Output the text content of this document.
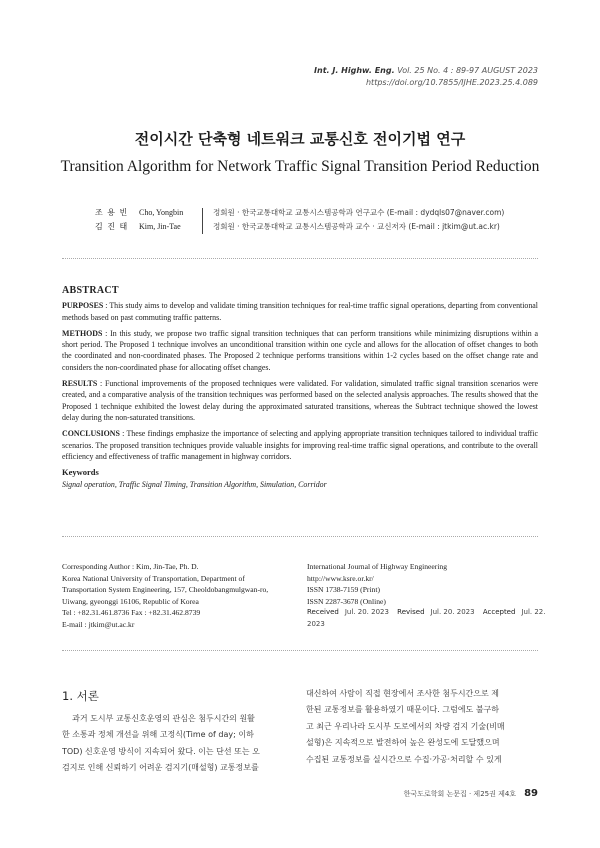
Int. J. Highw. Eng. Vol. 25 No. 4 : 89-97 AUGUST 2023
https://doi.org/10.7855/IJHE.2023.25.4.089
전이시간 단축형 네트워크 교통신호 전이기법 연구
Transition Algorithm for Network Traffic Signal Transition Period Reduction
조 용 빈	Cho, Yongbin	정회원 · 한국교통대학교 교통시스템공학과 연구교수 (E-mail : dydqls07@naver.com)
김 진 태	Kim, Jin-Tae	정회원 · 한국교통대학교 교통시스템공학과 교수 · 교신저자 (E-mail : jtkim@ut.ac.kr)
ABSTRACT

PURPOSES : This study aims to develop and validate timing transition techniques for real-time traffic signal operations, departing from conventional methods based on past commuting traffic patterns.

METHODS : In this study, we propose two traffic signal transition techniques that can perform transitions while minimizing disruptions within a short period. The Proposed 1 technique involves an unconditional transition within one cycle and allows for the allocation of offset changes to both the coordinated and non-coordinated phases. The Proposed 2 technique performs transitions within 1-2 cycles based on the offset change rate and considers the non-coordinated phase for allocating offset changes.

RESULTS : Functional improvements of the proposed techniques were validated. For validation, simulated traffic signal transition scenarios were created, and a comparative analysis of the transition techniques was performed based on the selected analysis approaches. The results showed that the Proposed 1 technique exhibited the lowest delay during the approximated saturated transitions, whereas the Subtract technique showed the lowest delay during the non-saturated transitions.

CONCLUSIONS : These findings emphasize the importance of selecting and applying appropriate transition techniques tailored to individual traffic scenarios. The proposed transition techniques provide valuable insights for improving real-time traffic signal operations, and contribute to the overall efficiency and effectiveness of traffic management in highway corridors.

Keywords

Signal operation, Traffic Signal Timing, Transition Algorithm, Simulation, Corridor

Corresponding Author : Kim, Jin-Tae, Ph. D.
Korea National University of Transportation, Department of
Transportation System Engineering, 157, Cheoldobangmulgwan-ro,
Uiwang, gyeonggi 16106, Republic of Korea
Tel : +82.31.461.8736 Fax : +82.31.462.8739
E-mail : jtkim@ut.ac.kr
International Journal of Highway Engineering
http://www.ksre.or.kr/
ISSN 1738-7159 (Print)
ISSN 2287-3678 (Online)
Received Jul. 20. 2023 Revised Jul. 20. 2023 Accepted Jul. 22. 2023
1. 서론
과거 도시부 교통신호운영의 관심은 첨두시간의 원활
한 소통과 정체 개선을 위해 고정식(Time of day; 이하
TOD) 신호운영 방식이 지속되어 왔다. 이는 단선 또는 오
검지로 인해 신뢰하기 어려운 검지기(매설형) 교통정보를
대신하여 사람이 직접 현장에서 조사한 첨두시간으로 제
한된 교통정보를 활용하였기 때문이다. 그럼에도 불구하
고 최근 우리나라 도시부 도로에서의 차량 검지 기술(비매
설형)은 지속적으로 발전하여 높은 완성도에 도달했으며
수집된 교통정보를 실시간으로 수집·가공·처리할 수 있게
한국도로학회 논문집 · 제25권 제4호 89
